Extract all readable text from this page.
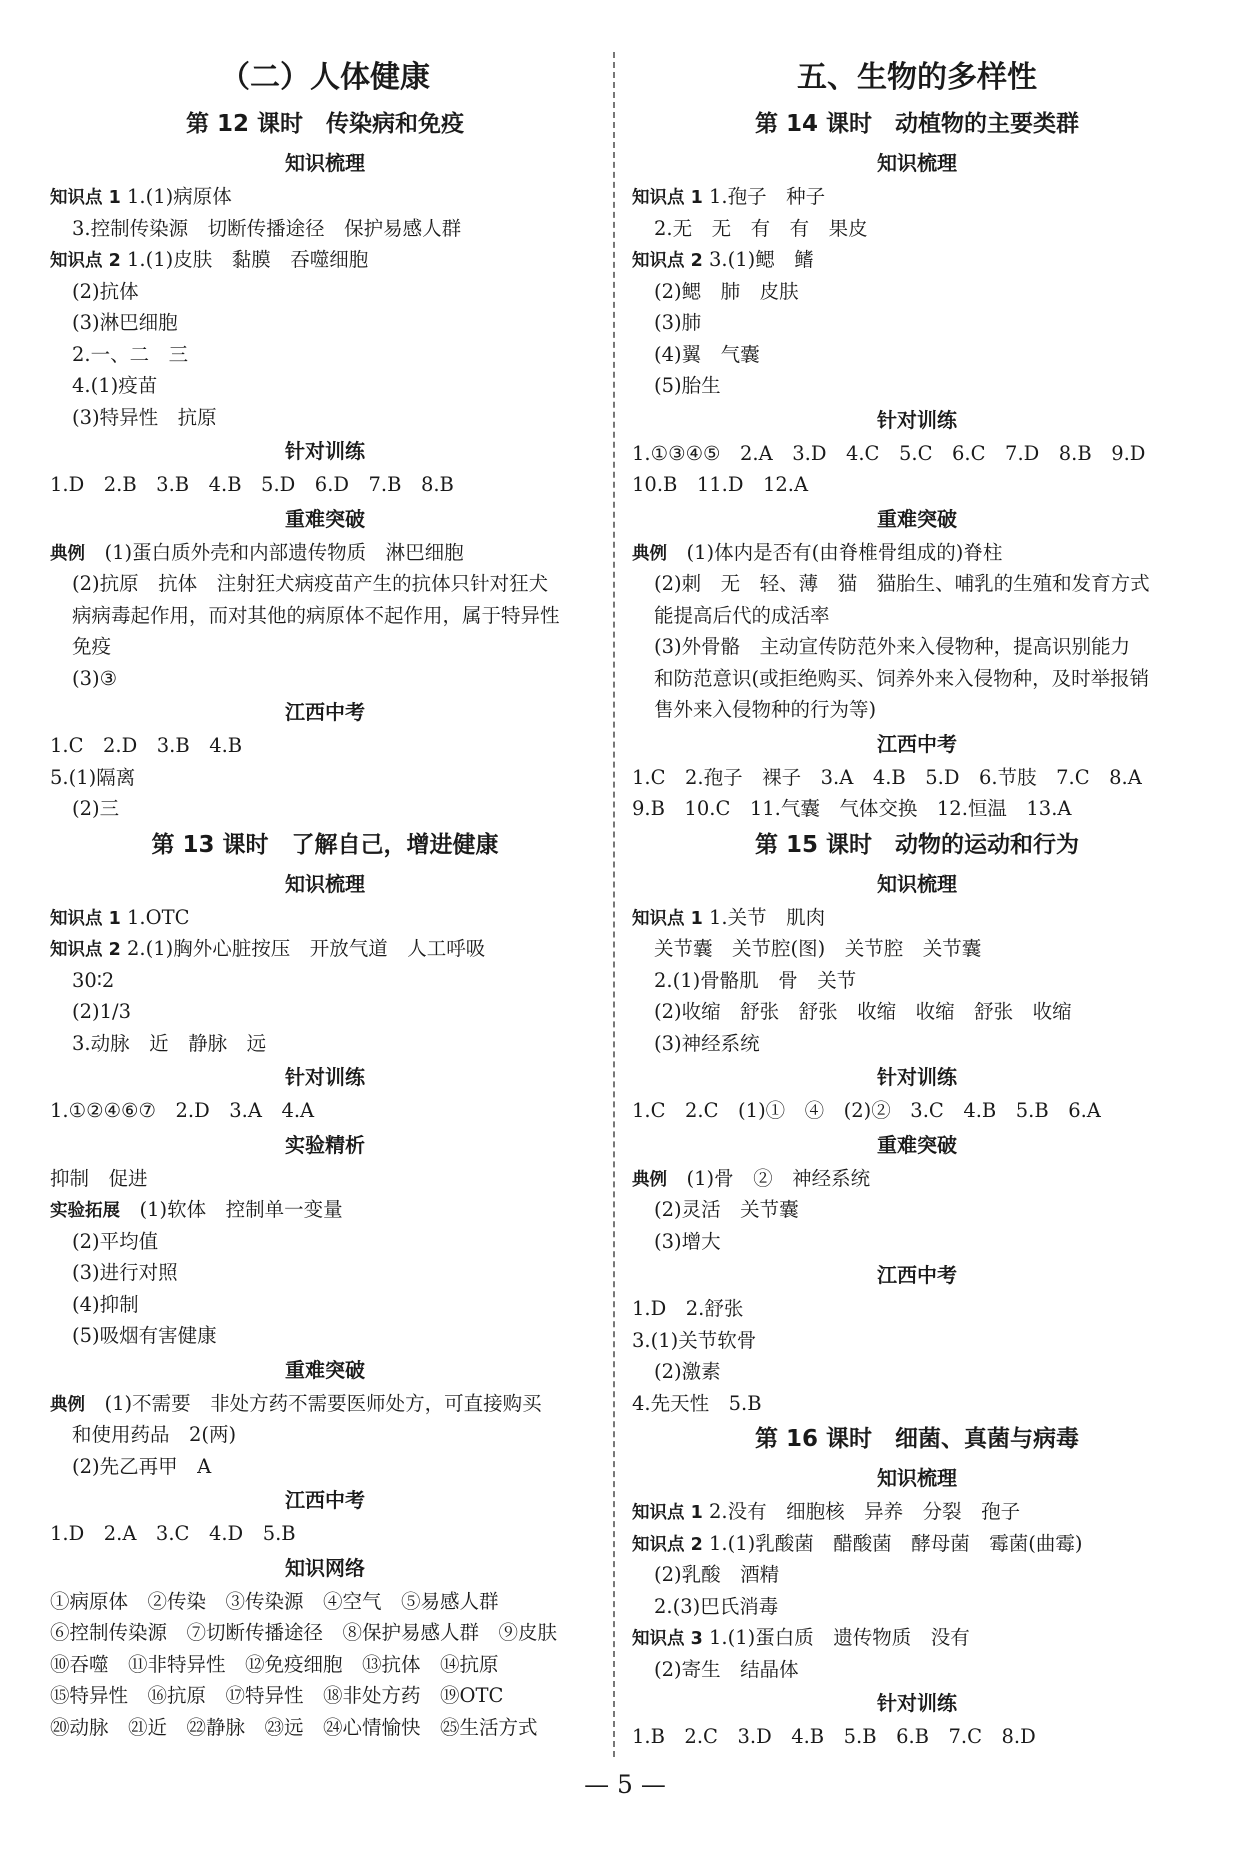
（二）人体健康
第 12 课时　传染病和免疫
知识梳理
知识点 1 1.(1)病原体
3.控制传染源　切断传播途径　保护易感人群
知识点 2 1.(1)皮肤　黏膜　吞噬细胞
(2)抗体
(3)淋巴细胞
2.一、二　三
4.(1)疫苗
(3)特异性　抗原
针对训练
1.D　2.B　3.B　4.B　5.D　6.D　7.B　8.B
重难突破
典例　(1)蛋白质外壳和内部遗传物质　淋巴细胞
(2)抗原　抗体　注射狂犬病疫苗产生的抗体只针对狂犬
病病毒起作用，而对其他的病原体不起作用，属于特异性
免疫
(3)③
江西中考
1.C　2.D　3.B　4.B
5.(1)隔离
(2)三
第 13 课时　了解自己，增进健康
知识梳理
知识点 1 1.OTC
知识点 2 2.(1)胸外心脏按压　开放气道　人工呼吸
30∶2
(2)1/3
3.动脉　近　静脉　远
针对训练
1.①②④⑥⑦　2.D　3.A　4.A
实验精析
抑制　促进
实验拓展　(1)软体　控制单一变量
(2)平均值
(3)进行对照
(4)抑制
(5)吸烟有害健康
重难突破
典例　(1)不需要　非处方药不需要医师处方，可直接购买
和使用药品　2(两)
(2)先乙再甲　A
江西中考
1.D　2.A　3.C　4.D　5.B
知识网络
①病原体　②传染　③传染源　④空气　⑤易感人群
⑥控制传染源　⑦切断传播途径　⑧保护易感人群　⑨皮肤
⑩吞噬　⑪非特异性　⑫免疫细胞　⑬抗体　⑭抗原
⑮特异性　⑯抗原　⑰特异性　⑱非处方药　⑲OTC
⑳动脉　㉑近　㉒静脉　㉓远　㉔心情愉快　㉕生活方式
五、生物的多样性
第 14 课时　动植物的主要类群
知识梳理
知识点 1 1.孢子　种子
2.无　无　有　有　果皮
知识点 2 3.(1)鳃　鳍
(2)鳃　肺　皮肤
(3)肺
(4)翼　气囊
(5)胎生
针对训练
1.①③④⑤　2.A　3.D　4.C　5.C　6.C　7.D　8.B　9.D
10.B　11.D　12.A
重难突破
典例　(1)体内是否有(由脊椎骨组成的)脊柱
(2)刺　无　轻、薄　猫　猫胎生、哺乳的生殖和发育方式
能提高后代的成活率
(3)外骨骼　主动宣传防范外来入侵物种，提高识别能力
和防范意识(或拒绝购买、饲养外来入侵物种，及时举报销
售外来入侵物种的行为等)
江西中考
1.C　2.孢子　裸子　3.A　4.B　5.D　6.节肢　7.C　8.A
9.B　10.C　11.气囊　气体交换　12.恒温　13.A
第 15 课时　动物的运动和行为
知识梳理
知识点 1 1.关节　肌肉
关节囊　关节腔(图)　关节腔　关节囊
2.(1)骨骼肌　骨　关节
(2)收缩　舒张　舒张　收缩　收缩　舒张　收缩
(3)神经系统
针对训练
1.C　2.C　(1)①　④　(2)②　3.C　4.B　5.B　6.A
重难突破
典例　(1)骨　②　神经系统
(2)灵活　关节囊
(3)增大
江西中考
1.D　2.舒张
3.(1)关节软骨
(2)激素
4.先天性　5.B
第 16 课时　细菌、真菌与病毒
知识梳理
知识点 1 2.没有　细胞核　异养　分裂　孢子
知识点 2 1.(1)乳酸菌　醋酸菌　酵母菌　霉菌(曲霉)
(2)乳酸　酒精
2.(3)巴氏消毒
知识点 3 1.(1)蛋白质　遗传物质　没有
(2)寄生　结晶体
针对训练
1.B　2.C　3.D　4.B　5.B　6.B　7.C　8.D
— 5 —
